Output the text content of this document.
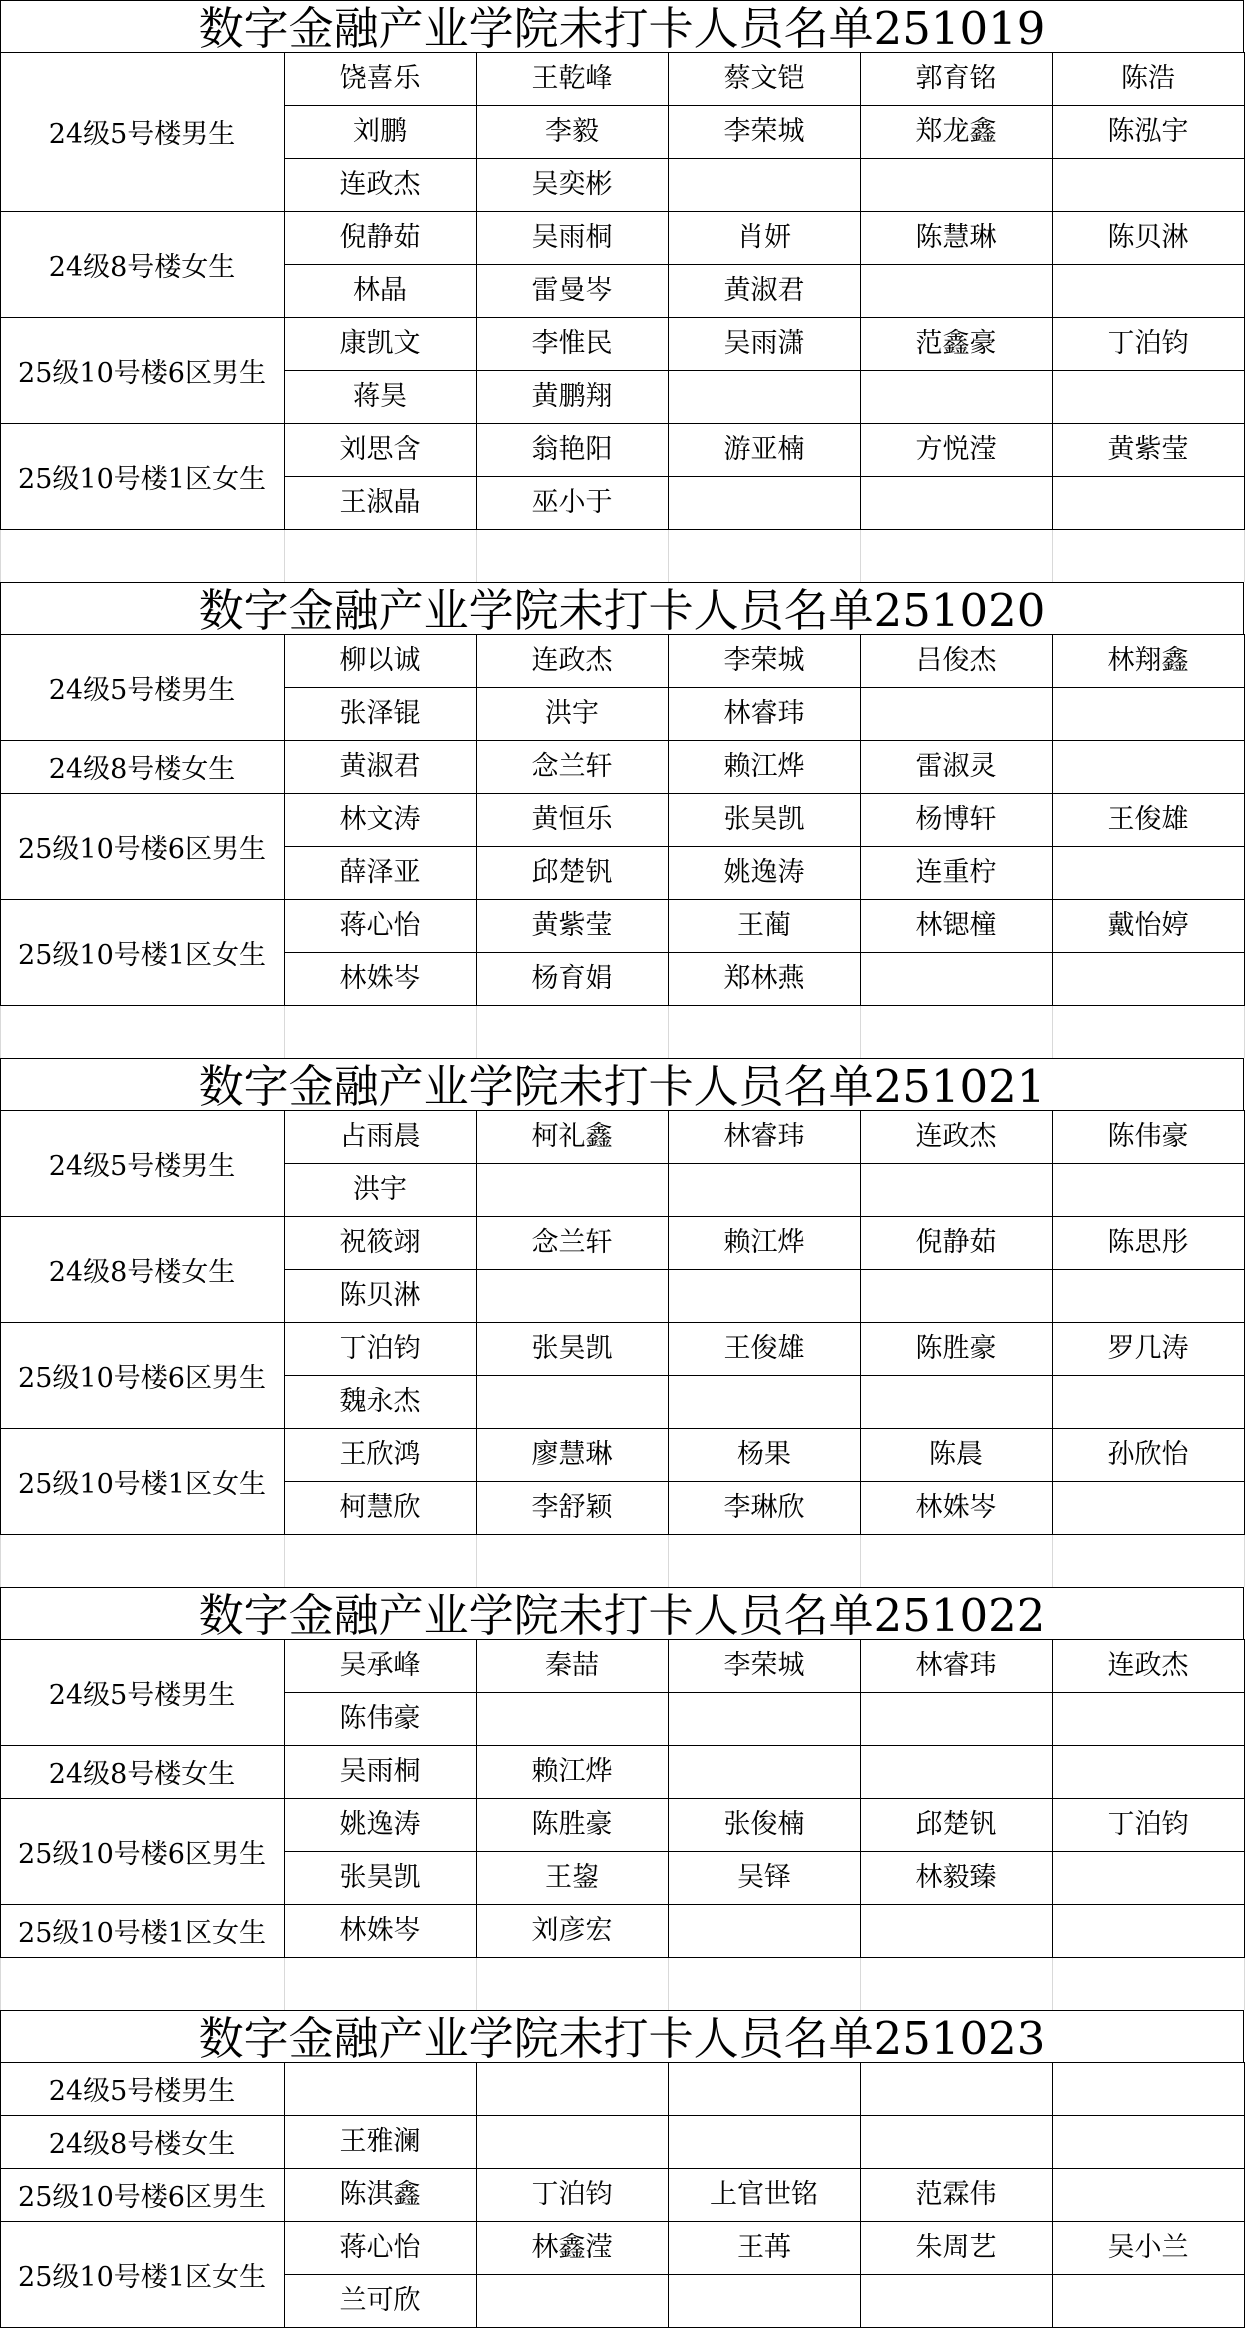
数字金融产业学院未打卡人员名单251019
24级5号楼男生
饶喜乐	王乾峰	蔡文铠	郭育铭	陈浩
刘鹏	李毅	李荣城	郑龙鑫	陈泓宇
连政杰	吴奕彬
24级8号楼女生
倪静茹	吴雨桐	肖妍	陈慧琳	陈贝淋
林晶	雷曼岑	黄淑君
25级10号楼6区男生
康凯文	李惟民	吴雨潇	范鑫豪	丁泊钧
蒋昊	黄鹏翔
25级10号楼1区女生
刘思含	翁艳阳	游亚楠	方悦滢	黄紫莹
王淑晶	巫小于
数字金融产业学院未打卡人员名单251020
24级5号楼男生
柳以诚	连政杰	李荣城	吕俊杰	林翔鑫
张泽锟	洪宇	林睿玮
24级8号楼女生	黄淑君	念兰轩	赖江烨	雷淑灵
25级10号楼6区男生
林文涛	黄恒乐	张昊凯	杨博轩	王俊雄
薛泽亚	邱楚钒	姚逸涛	连重柠
25级10号楼1区女生
蒋心怡	黄紫莹	王蔺	林锶橦	戴怡婷
林姝岑	杨育娟	郑林燕
数字金融产业学院未打卡人员名单251021
24级5号楼男生
占雨晨	柯礼鑫	林睿玮	连政杰	陈伟豪
洪宇
24级8号楼女生
祝筱翊	念兰轩	赖江烨	倪静茹	陈思彤
陈贝淋
25级10号楼6区男生
丁泊钧	张昊凯	王俊雄	陈胜豪	罗几涛
魏永杰
25级10号楼1区女生
王欣鸿	廖慧琳	杨果	陈晨	孙欣怡
柯慧欣	李舒颖	李琳欣	林姝岑
数字金融产业学院未打卡人员名单251022
24级5号楼男生
吴承峰	秦喆	李荣城	林睿玮	连政杰
陈伟豪
24级8号楼女生	吴雨桐	赖江烨
25级10号楼6区男生
姚逸涛	陈胜豪	张俊楠	邱楚钒	丁泊钧
张昊凯	王鋆	吴铎	林毅臻
25级10号楼1区女生	林姝岑	刘彦宏
数字金融产业学院未打卡人员名单251023
24级5号楼男生
24级8号楼女生	王雅澜
25级10号楼6区男生	陈淇鑫	丁泊钧	上官世铭	范霖伟
25级10号楼1区女生
蒋心怡	林鑫滢	王苒	朱周艺	吴小兰
兰可欣
